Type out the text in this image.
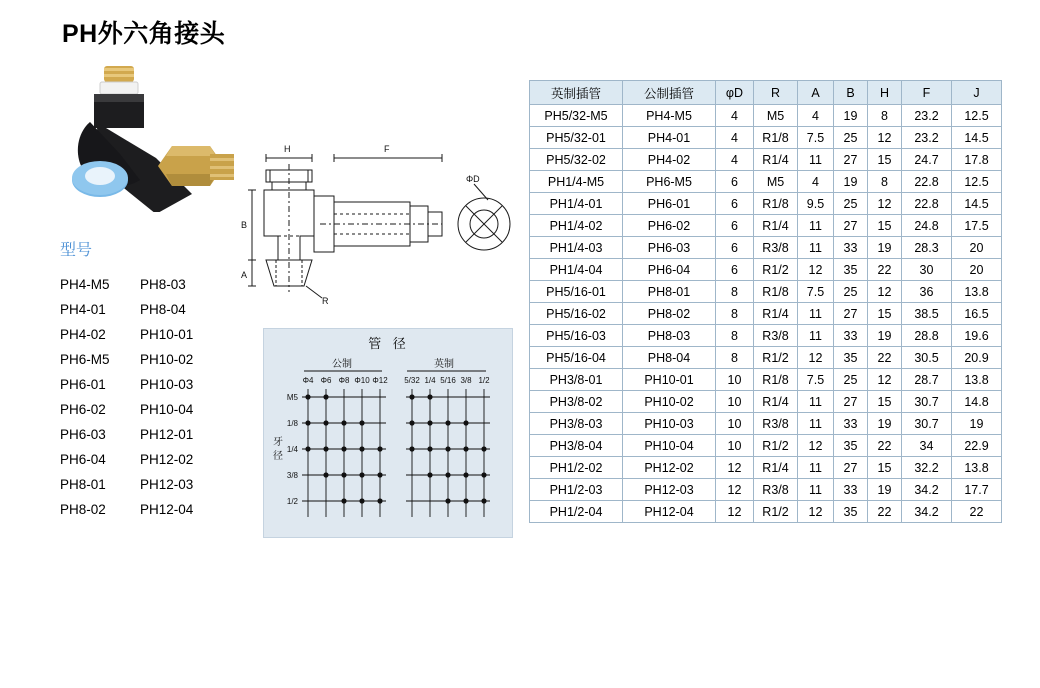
PH外六角接头
型号
PH4-M5	PH8-03
PH4-01	PH8-04
PH4-02	PH10-01
PH6-M5	PH10-02
PH6-01	PH10-03
PH6-02	PH10-04
PH6-03	PH12-01
PH6-04	PH12-02
PH8-01	PH12-03
PH8-02	PH12-04
H	F
ΦD
B
A
R
管 径
公制	英制
Φ4 Φ6 Φ8 Φ10 Φ12 5/32 1/4 5/16 3/8 1/2
M5
1/8
1/4
3/8
1/2
牙
径
英制插管	公制插管	φD	R	A	B	H	F	J
PH5/32-M5	PH4-M5	4	M5	4	19	8	23.2	12.5
PH5/32-01	PH4-01	4	R1/8	7.5	25	12	23.2	14.5
PH5/32-02	PH4-02	4	R1/4	11	27	15	24.7	17.8
PH1/4-M5	PH6-M5	6	M5	4	19	8	22.8	12.5
PH1/4-01	PH6-01	6	R1/8	9.5	25	12	22.8	14.5
PH1/4-02	PH6-02	6	R1/4	11	27	15	24.8	17.5
PH1/4-03	PH6-03	6	R3/8	11	33	19	28.3	20
PH1/4-04	PH6-04	6	R1/2	12	35	22	30	20
PH5/16-01	PH8-01	8	R1/8	7.5	25	12	36	13.8
PH5/16-02	PH8-02	8	R1/4	11	27	15	38.5	16.5
PH5/16-03	PH8-03	8	R3/8	11	33	19	28.8	19.6
PH5/16-04	PH8-04	8	R1/2	12	35	22	30.5	20.9
PH3/8-01	PH10-01	10	R1/8	7.5	25	12	28.7	13.8
PH3/8-02	PH10-02	10	R1/4	11	27	15	30.7	14.8
PH3/8-03	PH10-03	10	R3/8	11	33	19	30.7	19
PH3/8-04	PH10-04	10	R1/2	12	35	22	34	22.9
PH1/2-02	PH12-02	12	R1/4	11	27	15	32.2	13.8
PH1/2-03	PH12-03	12	R3/8	11	33	19	34.2	17.7
PH1/2-04	PH12-04	12	R1/2	12	35	22	34.2	22
